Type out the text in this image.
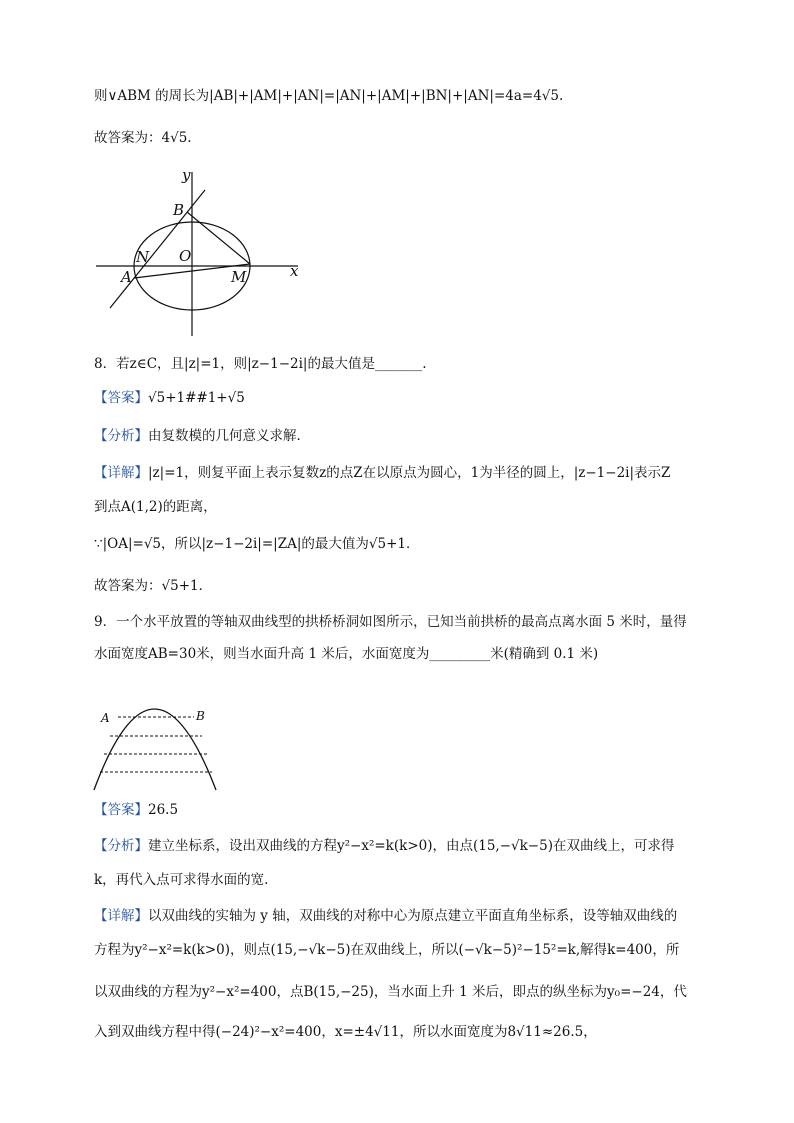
则∨ABM 的周长为|AB|+|AM|+|AN|=|AN|+|AM|+|BN|+|AN|=4a=4√5.
故答案为：4√5.
y
x
B
N O
A	M
8．若z∈C，且|z|=1，则|z−1−2i|的最大值是_______.
【答案】√5+1##1+√5
【分析】由复数模的几何意义求解．
【详解】|z|=1，则复平面上表示复数z的点Z在以原点为圆心，1为半径的圆上，|z−1−2i|表示Z
到点A(1,2)的距离，
∵|OA|=√5，所以|z−1−2i|=|ZA|的最大值为√5+1．
故答案为：√5+1．
9．一个水平放置的等轴双曲线型的拱桥桥洞如图所示，已知当前拱桥的最高点离水面 5 米时，量得
水面宽度AB=30米，则当水面升高 1 米后，水面宽度为_________米(精确到 0.1 米)
A	B
【答案】26.5
【分析】建立坐标系，设出双曲线的方程y²−x²=k(k>0)，由点(15,−√k−5)在双曲线上，可求得
k，再代入点可求得水面的宽.
【详解】以双曲线的实轴为 y 轴，双曲线的对称中心为原点建立平面直角坐标系，设等轴双曲线的
方程为y²−x²=k(k>0)，则点(15,−√k−5)在双曲线上，所以(−√k−5)²−15²=k,解得k=400，所
以双曲线的方程为y²−x²=400，点B(15,−25)，当水面上升 1 米后，即点的纵坐标为y₀=−24，代
入到双曲线方程中得(−24)²−x²=400，x=±4√11，所以水面宽度为8√11≈26.5，
